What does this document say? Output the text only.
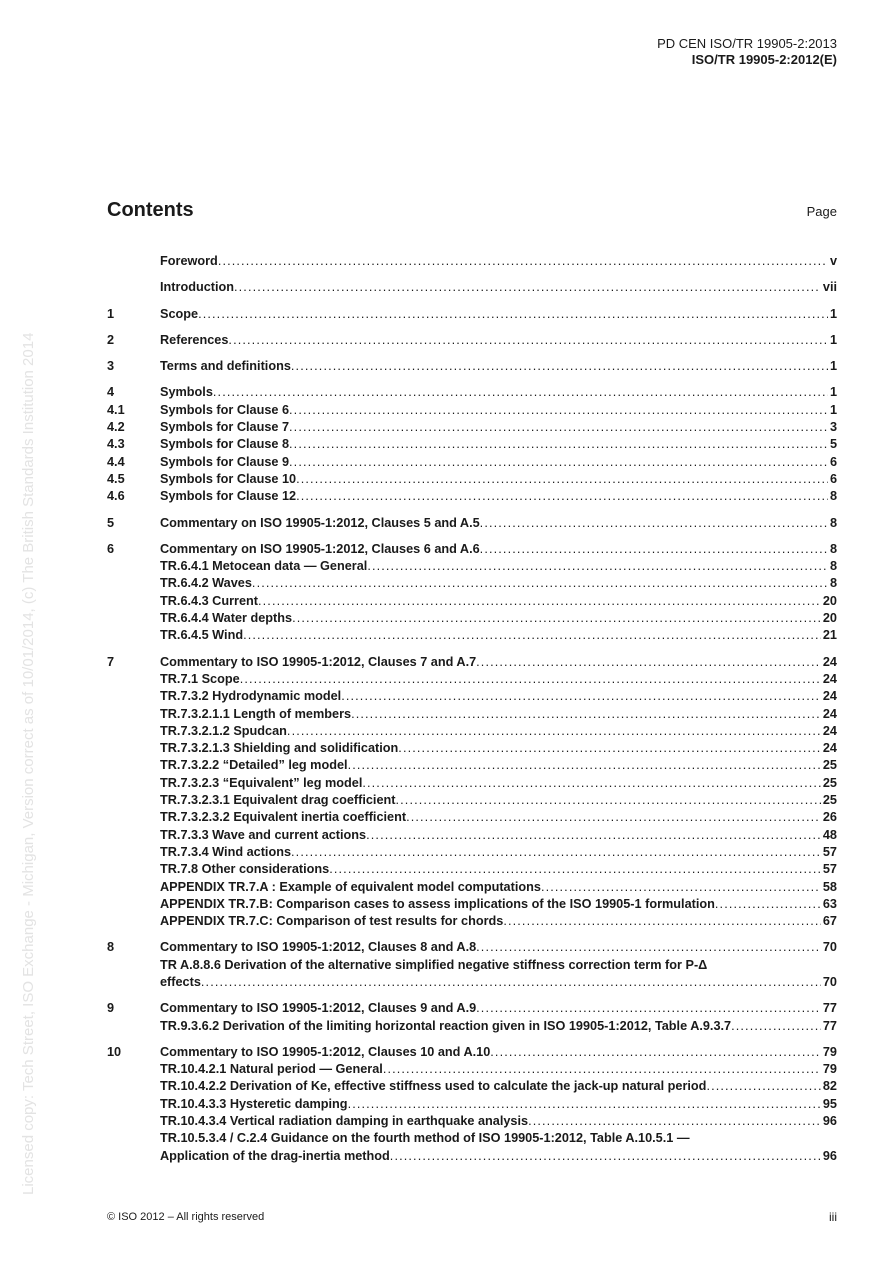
PD CEN ISO/TR 19905-2:2013
ISO/TR 19905-2:2012(E)
Licensed copy: Tech Street, ISO Exchange - Michigan, Version correct as of 10/01/2014, (c) The British Standards Institution 2014
Contents	Page
Foreword . . .	v
Introduction . . .	vii
1	Scope . . .	1
2	References . . .	1
3	Terms and definitions . . .	1
4	Symbols . . .	1
4.1	Symbols for Clause 6 . . .	1
4.2	Symbols for Clause 7 . . .	3
4.3	Symbols for Clause 8 . . .	5
4.4	Symbols for Clause 9 . . .	6
4.5	Symbols for Clause 10 . . .	6
4.6	Symbols for Clause 12 . . .	8
5	Commentary on ISO 19905-1:2012, Clauses 5 and A.5 . . .	8
6	Commentary on ISO 19905-1:2012, Clauses 6 and A.6 . . .	8
TR.6.4.1 Metocean data — General . . .	8
TR.6.4.2 Waves . . .	8
TR.6.4.3 Current . . .	20
TR.6.4.4 Water depths . . .	20
TR.6.4.5 Wind . . .	21
7	Commentary to ISO 19905-1:2012, Clauses 7 and A.7 . . .	24
TR.7.1 Scope . . .	24
TR.7.3.2 Hydrodynamic model . . .	24
TR.7.3.2.1.1 Length of members . . .	24
TR.7.3.2.1.2 Spudcan . . .	24
TR.7.3.2.1.3 Shielding and solidification . . .	24
TR.7.3.2.2 “Detailed” leg model . . .	25
TR.7.3.2.3 “Equivalent” leg model . . .	25
TR.7.3.2.3.1 Equivalent drag coefficient . . .	25
TR.7.3.2.3.2 Equivalent inertia coefficient . . .	26
TR.7.3.3 Wave and current actions . . .	48
TR.7.3.4 Wind actions . . .	57
TR.7.8 Other considerations . . .	57
APPENDIX TR.7.A : Example of equivalent model computations . . .	58
APPENDIX TR.7.B: Comparison cases to assess implications of the ISO 19905-1 formulation . . .	63
APPENDIX TR.7.C: Comparison of test results for chords . . .	67
8	Commentary to ISO 19905-1:2012, Clauses 8 and A.8 . . .	70
TR A.8.8.6 Derivation of the alternative simplified negative stiffness correction term for P-Δ
effects . . .	70
9	Commentary to ISO 19905-1:2012, Clauses 9 and A.9 . . .	77
TR.9.3.6.2 Derivation of the limiting horizontal reaction given in ISO 19905-1:2012, Table A.9.3.7 . . .	77
10	Commentary to ISO 19905-1:2012, Clauses 10 and A.10 . . .	79
TR.10.4.2.1 Natural period — General . . .	79
TR.10.4.2.2 Derivation of Ke, effective stiffness used to calculate the jack-up natural period . . .	82
TR.10.4.3.3 Hysteretic damping . . .	95
TR.10.4.3.4 Vertical radiation damping in earthquake analysis . . .	96
TR.10.5.3.4 / C.2.4 Guidance on the fourth method of ISO 19905-1:2012, Table A.10.5.1 —
Application of the drag-inertia method . . .	96
© ISO 2012 – All rights reserved	iii
